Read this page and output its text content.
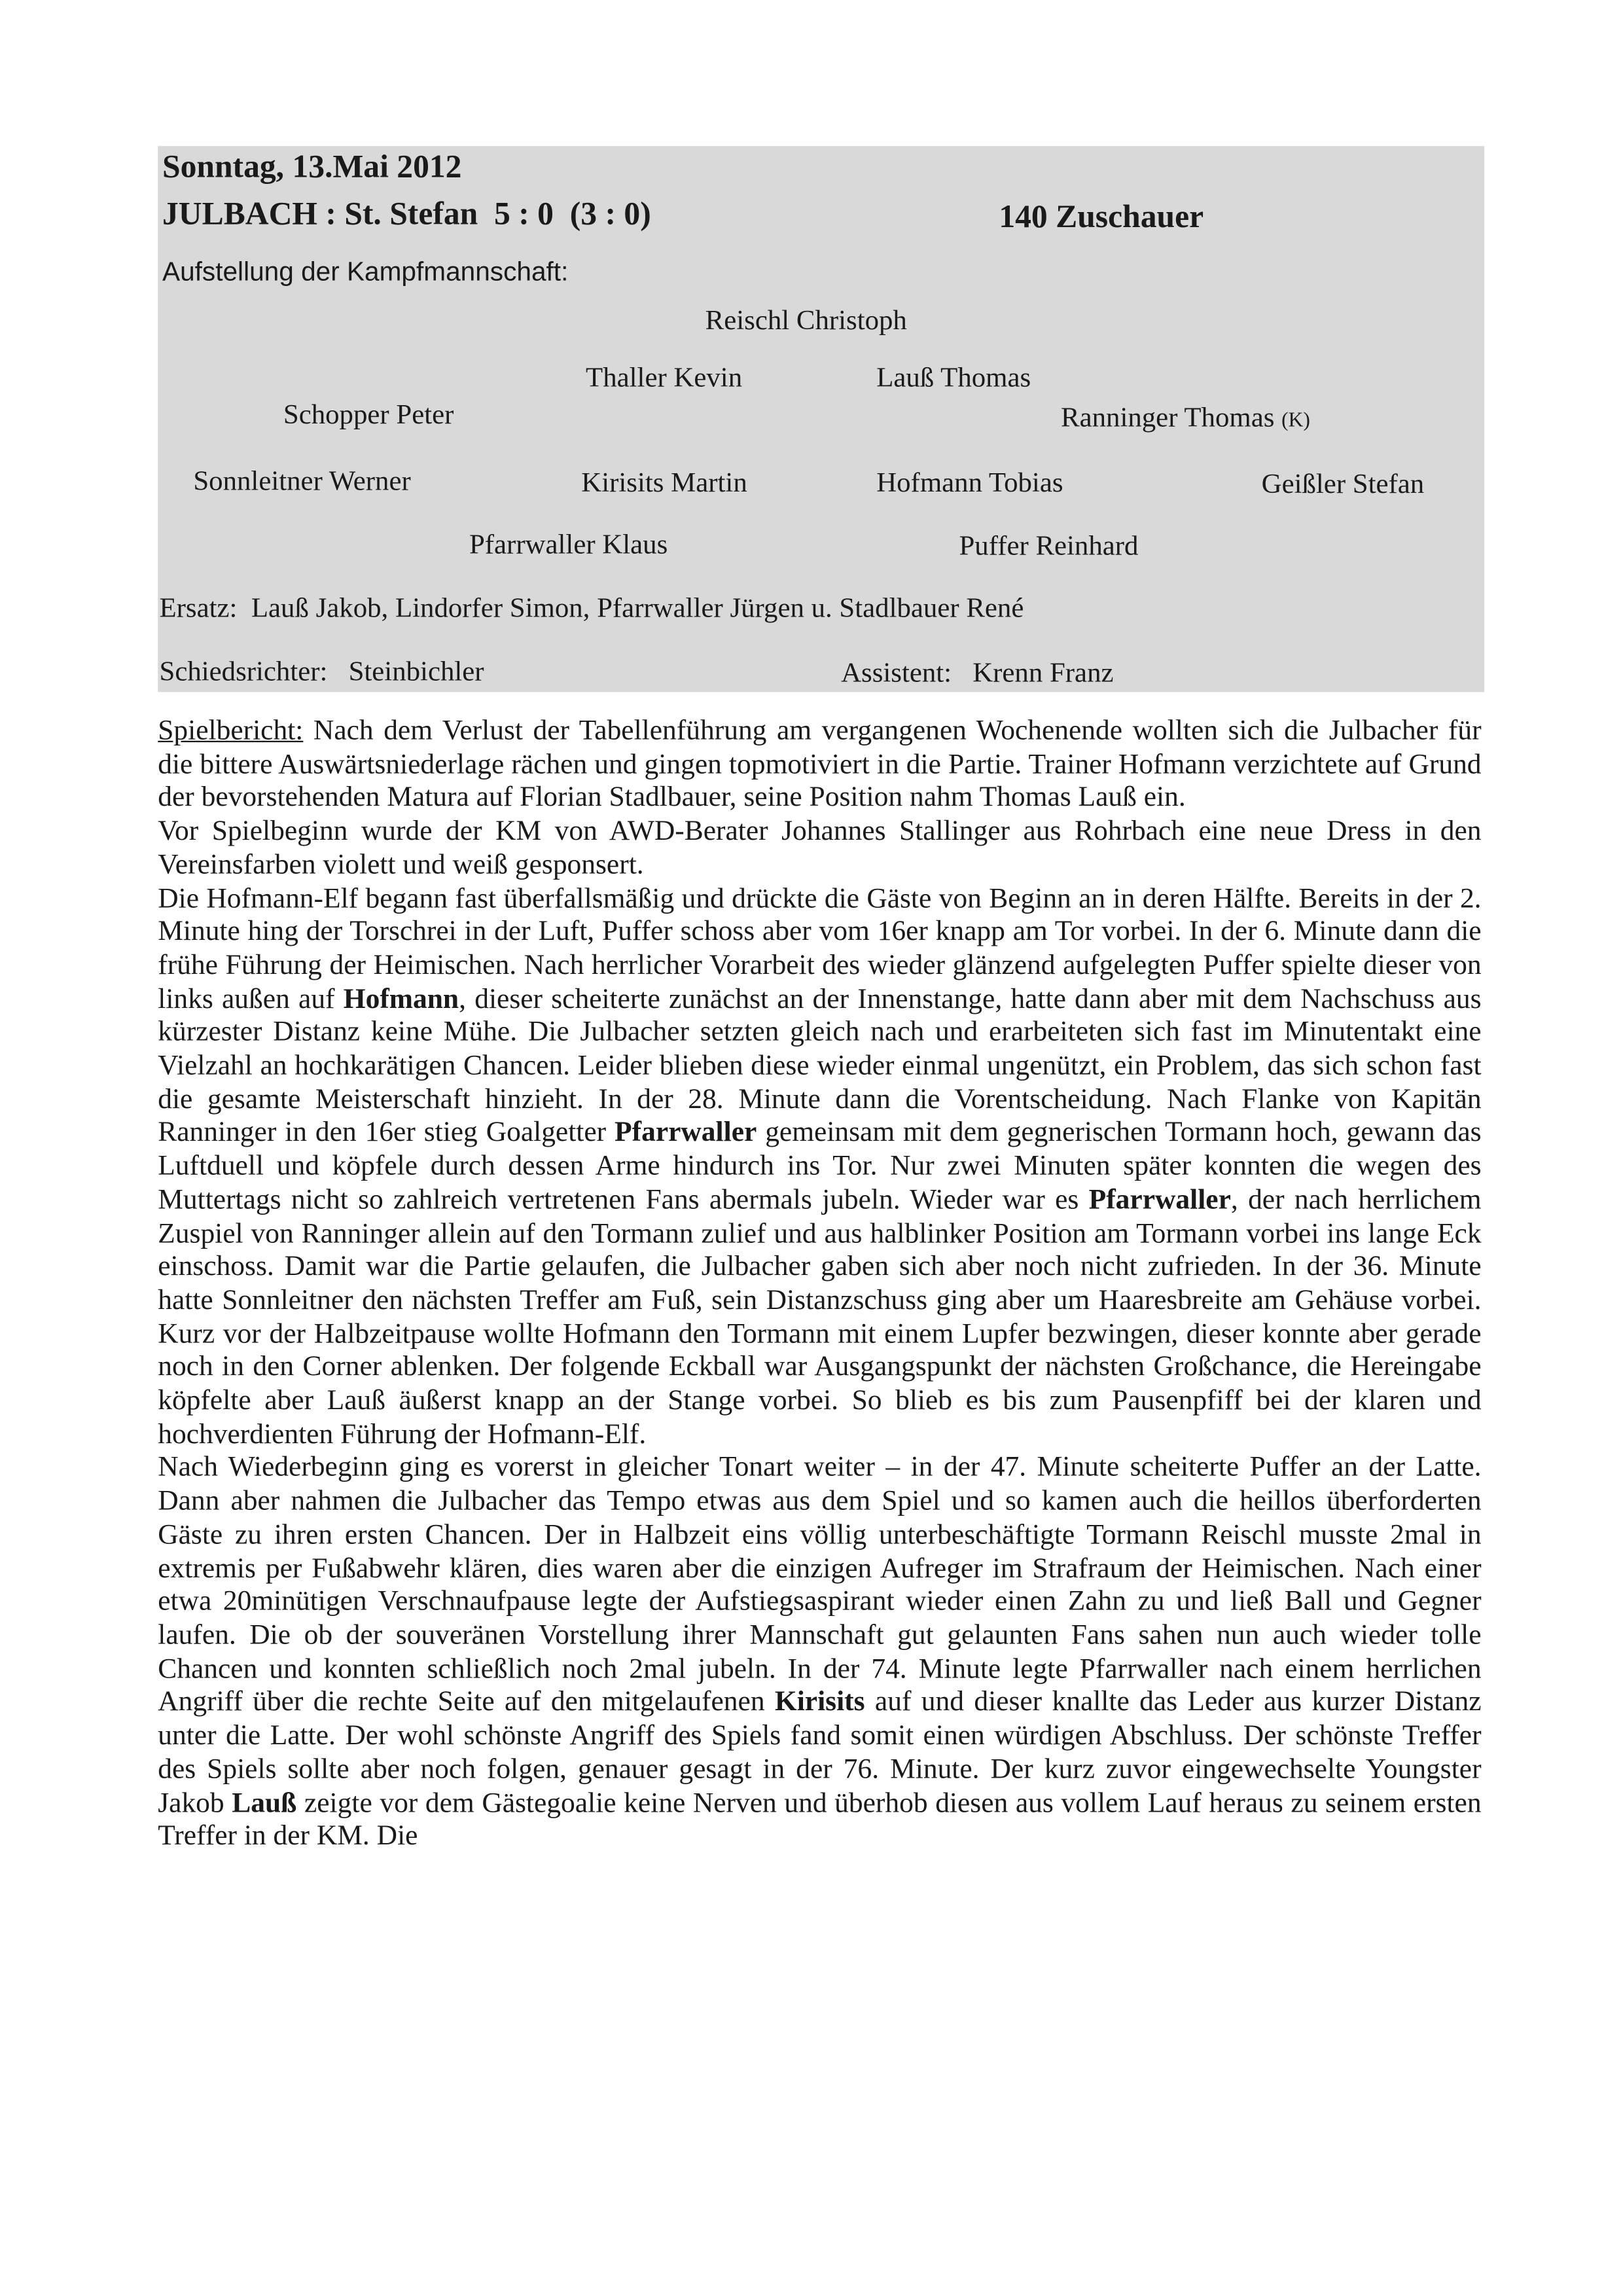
Sonntag, 13.Mai 2012
JULBACH : St. Stefan  5 : 0  (3 : 0)	140 Zuschauer
Aufstellung der Kampfmannschaft:
Reischl Christoph
Thaller Kevin	Lauß Thomas
Schopper Peter	Ranninger Thomas (K)
Sonnleitner Werner	Kirisits Martin	Hofmann Tobias	Geißler Stefan
Pfarrwaller Klaus	Puffer Reinhard
Ersatz: Lauß Jakob, Lindorfer Simon, Pfarrwaller Jürgen u. Stadlbauer René
Schiedsrichter: Steinbichler	Assistent: Krenn Franz

Spielbericht: Nach dem Verlust der Tabellenführung am vergangenen Wochenende wollten sich die Julbacher für die bittere Auswärtsniederlage rächen und gingen topmotiviert in die Partie. Trainer Hofmann verzichtete auf Grund der bevorstehenden Matura auf Florian Stadlbauer, seine Position nahm Thomas Lauß ein.

Vor Spielbeginn wurde der KM von AWD-Berater Johannes Stallinger aus Rohrbach eine neue Dress in den Vereinsfarben violett und weiß gesponsert.

Die Hofmann-Elf begann fast überfallsmäßig und drückte die Gäste von Beginn an in deren Hälfte. Bereits in der 2. Minute hing der Torschrei in der Luft, Puffer schoss aber vom 16er knapp am Tor vorbei. In der 6. Minute dann die frühe Führung der Heimischen. Nach herrlicher Vorarbeit des wieder glänzend aufgelegten Puffer spielte dieser von links außen auf Hofmann, dieser scheiterte zunächst an der Innenstange, hatte dann aber mit dem Nachschuss aus kürzester Distanz keine Mühe. Die Julbacher setzten gleich nach und erarbeiteten sich fast im Minutentakt eine Vielzahl an hochkarätigen Chancen. Leider blieben diese wieder einmal ungenützt, ein Problem, das sich schon fast die gesamte Meisterschaft hinzieht. In der 28. Minute dann die Vorentscheidung. Nach Flanke von Kapitän Ranninger in den 16er stieg Goalgetter Pfarrwaller gemeinsam mit dem gegnerischen Tormann hoch, gewann das Luftduell und köpfele durch dessen Arme hindurch ins Tor. Nur zwei Minuten später konnten die wegen des Muttertags nicht so zahlreich vertretenen Fans abermals jubeln. Wieder war es Pfarrwaller, der nach herrlichem Zuspiel von Ranninger allein auf den Tormann zulief und aus halblinker Position am Tormann vorbei ins lange Eck einschoss. Damit war die Partie gelaufen, die Julbacher gaben sich aber noch nicht zufrieden. In der 36. Minute hatte Sonnleitner den nächsten Treffer am Fuß, sein Distanzschuss ging aber um Haaresbreite am Gehäuse vorbei. Kurz vor der Halbzeitpause wollte Hofmann den Tormann mit einem Lupfer bezwingen, dieser konnte aber gerade noch in den Corner ablenken. Der folgende Eckball war Ausgangspunkt der nächsten Großchance, die Hereingabe köpfelte aber Lauß äußerst knapp an der Stange vorbei. So blieb es bis zum Pausenpfiff bei der klaren und hochverdienten Führung der Hofmann-Elf.

Nach Wiederbeginn ging es vorerst in gleicher Tonart weiter – in der 47. Minute scheiterte Puffer an der Latte. Dann aber nahmen die Julbacher das Tempo etwas aus dem Spiel und so kamen auch die heillos überforderten Gäste zu ihren ersten Chancen. Der in Halbzeit eins völlig unterbeschäftigte Tormann Reischl musste 2mal in extremis per Fußabwehr klären, dies waren aber die einzigen Aufreger im Strafraum der Heimischen. Nach einer etwa 20minütigen Verschnaufpause legte der Aufstiegsaspirant wieder einen Zahn zu und ließ Ball und Gegner laufen. Die ob der souveränen Vorstellung ihrer Mannschaft gut gelaunten Fans sahen nun auch wieder tolle Chancen und konnten schließlich noch 2mal jubeln. In der 74. Minute legte Pfarrwaller nach einem herrlichen Angriff über die rechte Seite auf den mitgelaufenen Kirisits auf und dieser knallte das Leder aus kurzer Distanz unter die Latte. Der wohl schönste Angriff des Spiels fand somit einen würdigen Abschluss. Der schönste Treffer des Spiels sollte aber noch folgen, genauer gesagt in der 76. Minute. Der kurz zuvor eingewechselte Youngster Jakob Lauß zeigte vor dem Gästegoalie keine Nerven und überhob diesen aus vollem Lauf heraus zu seinem ersten Treffer in der KM. Die
